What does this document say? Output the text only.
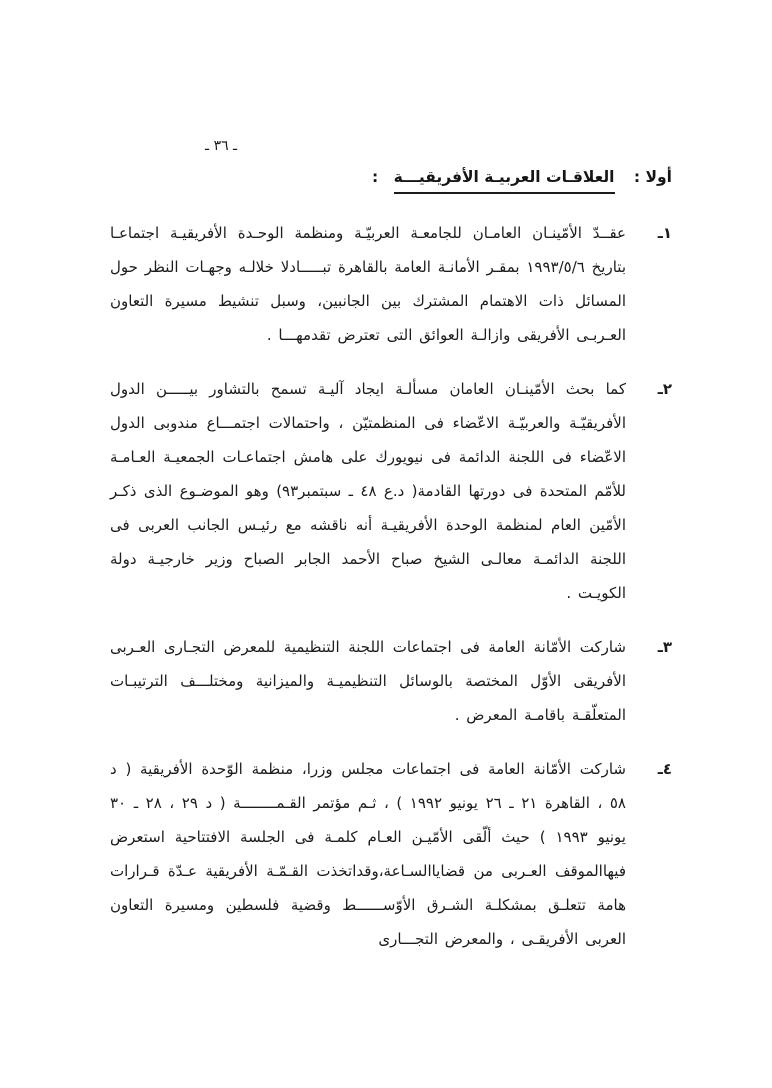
ـ ٣٦ ـ
أولا : العلاقـات العربيـة الأفريقيـــة :
١ـ

عقــدّ الأمّينـان العامـان للجامعـة العربيّـة ومنظمة الوحـدة الأفريقيـة اجتماعـا بتاريخ ١٩٩٣/٥/٦ بمقـر الأمانـة العامة بالقاهرة تبـــــادلا خلالـه وجهـات النظر حول المسائل ذات الاهتمام المشترك بين الجانبين، وسبل تنشيط مسيرة التعاون العـربـى الأفريقى وازالـة العوائق التى تعترض تقدمهـــا .

٢ـ

كما بحث الأمّينـان العامان مسألـة ايجاد آليـة تسمح بالتشاور بيـــــن الدول الأفريقيّـة والعربيّـة الاعّضاء فى المنظمتيّن ، واحتمالات اجتمـــاع مندوبى الدول الاعّضاء فى اللجنة الدائمة فى نيويورك على هامش اجتماعـات الجمعيـة العـامـة للأمّم المتحدة فى دورتها القادمة( د.ع ٤٨ ـ سبتمبر٩٣) وهو الموضـوع الذى ذكـر الأمّين العام لمنظمة الوحدة الأفريقيـة أنه ناقشه مع رئيـس الجانب العربى فى اللجنة الدائمـة معالـى الشيخ صباح الأحمد الجابر الصباح وزير خارجيـة دولة الكويـت .

٣ـ

شاركت الأمّانة العامة فى اجتماعات اللجنة التنظيمية للمعرض التجـارى العـربى الأفريقى الأوّل المختصة بالوسائل التنظيميـة والميزانية ومختلـــف الترتيبـات المتعلّقـة باقامـة المعرض .

٤ـ

شاركت الأمّانة العامة فى اجتماعات مجلس وزرا، منظمة الوّحدة الأفريقية ( د ٥٨ ، القاهرة ٢١ ـ ٢٦ يونيو ١٩٩٢ ) ، ثـم مؤتمر القـمــــــــة ( د ٢٩ ، ٢٨ ـ ٣٠ يونيو ١٩٩٣ ) حيث ألّقى الأمّيـن العـام كلمـة فى الجلسة الافتتاحية استعرض فيهاالموقف العـربى من قضاياالسـاعة،وقداتخذت القـمّـة الأفريقية عـدّة قـرارات هامة تتعلـق بمشكلـة الشـرق الأوّســــــط وقضية فلسطين ومسيرة التعاون العربى الأفريقـى ، والمعرض التجـــارى
